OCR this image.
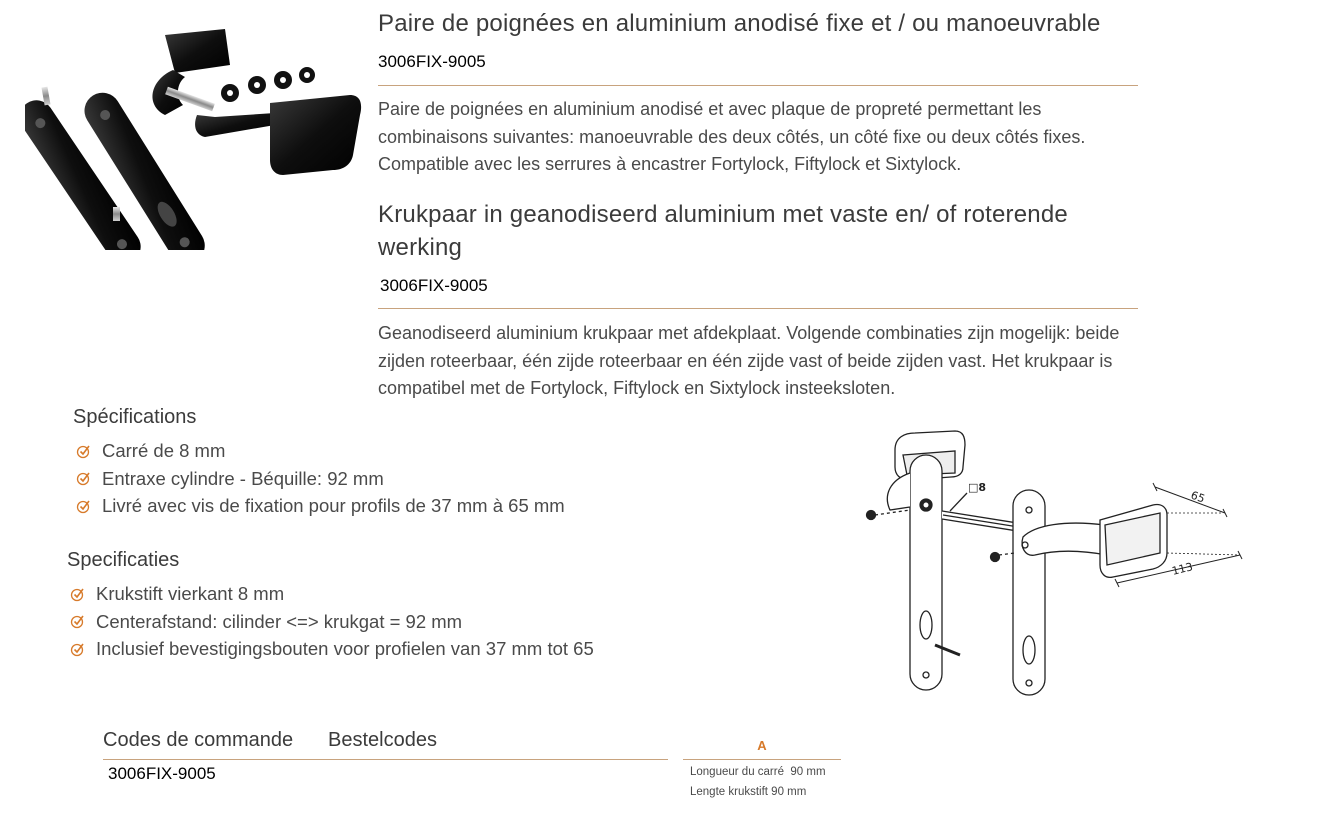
Paire de poignées en aluminium anodisé fixe et / ou manoeuvrable
3006FIX-9005
Paire de poignées en aluminium anodisé et avec plaque de propreté permettant les combinaisons suivantes: manoeuvrable des deux côtés, un côté fixe ou deux côtés fixes. Compatible avec les serrures à encastrer Fortylock, Fiftylock et Sixtylock.
Krukpaar in geanodiseerd aluminium met vaste en/ of roterende werking
3006FIX-9005
Geanodiseerd aluminium krukpaar met afdekplaat. Volgende combinaties zijn mogelijk: beide zijden roteerbaar, één zijde roteerbaar en één zijde vast of beide zijden vast. Het krukpaar is compatibel met de Fortylock, Fiftylock en Sixtylock insteeksloten.
Spécifications
Carré de 8 mm
Entraxe cylindre - Béquille: 92 mm
Livré avec vis de fixation pour profils de 37 mm à 65 mm
Specificaties
Krukstift vierkant 8 mm
Centerafstand: cilinder <=> krukgat = 92 mm
Inclusief bevestigingsbouten voor profielen van 37 mm tot 65
□8
65
113
Codes de commande Bestelcodes
3006FIX-9005
A
Longueur du carré  90 mm
Lengte krukstift 90 mm
